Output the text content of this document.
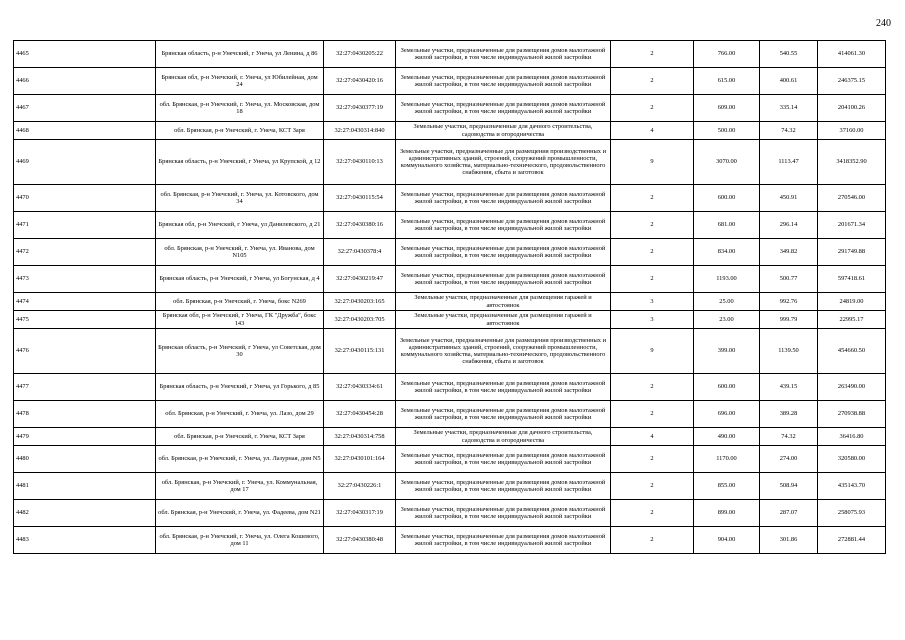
240
4465	Брянская область, р-н Унечский, г Унеча, ул Ленина, д 86	32:27:0430205:22	Земельные участки, предназначенные для размещения домов малоэтажной жилой застройки, в том числе индивидуальной жилой застройки	2	766.00	540.55	414061.30
4466	Брянская обл, р-н Унечский, г. Унеча, ул Юбилейная, дом 24	32:27:0430420:16	Земельные участки, предназначенные для размещения домов малоэтажной жилой застройки, в том числе индивидуальной жилой застройки	2	615.00	400.61	246375.15
4467	обл. Брянская, р-н Унечский, г. Унеча, ул. Московская, дом 18	32:27:0430377:19	Земельные участки, предназначенные для размещения домов малоэтажной жилой застройки, в том числе индивидуальной жилой застройки	2	609.00	335.14	204100.26
4468	обл. Брянская, р-н Унечский, г. Унеча, КСТ Заря	32:27:0430314:840	Земельные участки, предназначенные для дачного строительства, садоводства и огородничества	4	500.00	74.32	37160.00
4469	Брянская область, р-н Унечский, г Унеча, ул Крупской, д 12	32:27:0430110:13	Земельные участки, предназначенные для размещения производственных и административных зданий, строений, сооружений промышленности, коммунального хозяйства, материально-технического, продовольственного снабжения, сбыта и заготовок	9	3070.00	1113.47	3418352.90
4470	обл. Брянская, р-н Унечский, г. Унеча, ул. Котовского, дом 34	32:27:0430115:54	Земельные участки, предназначенные для размещения домов малоэтажной жилой застройки, в том числе индивидуальной жилой застройки	2	600.00	450.91	270546.00
4471	Брянская обл, р-н Унечский, г Унеча, ул Данилевского, д 21	32:27:0430380:16	Земельные участки, предназначенные для размещения домов малоэтажной жилой застройки, в том числе индивидуальной жилой застройки	2	681.00	296.14	201671.34
4472	обл. Брянская, р-н Унечский, г. Унеча, ул. Иванова, дом N105	32:27:0430378:4	Земельные участки, предназначенные для размещения домов малоэтажной жилой застройки, в том числе индивидуальной жилой застройки	2	834.00	349.82	291749.88
4473	Брянская область, р-н Унечский, г Унеча, ул Богунская, д 4	32:27:0430219:47	Земельные участки, предназначенные для размещения домов малоэтажной жилой застройки, в том числе индивидуальной жилой застройки	2	1193.00	500.77	597418.61
4474	обл. Брянская, р-н Унечский, г. Унеча, бокс N269	32:27:0430203:165	Земельные участки, предназначенные для размещения гаражей и автостоянок	3	25.00	992.76	24819.00
4475	Брянская обл, р-н Унечский, г Унеча, ГК "Дружба", бокс 143	32:27:0430203:705	Земельные участки, предназначенные для размещения гаражей и автостоянок	3	23.00	999.79	22995.17
4476	Брянская область, р-н Унечский, г Унеча, ул Советская, дом 30	32:27:0430115:131	Земельные участки, предназначенные для размещения производственных и административных зданий, строений, сооружений промышленности, коммунального хозяйства, материально-технического, продовольственного снабжения, сбыта и заготовок	9	399.00	1139.50	454660.50
4477	Брянская область, р-н Унечский, г Унеча, ул Горького, д 85	32:27:0430334:61	Земельные участки, предназначенные для размещения домов малоэтажной жилой застройки, в том числе индивидуальной жилой застройки	2	600.00	439.15	263490.00
4478	обл. Брянская, р-н Унечский, г. Унеча, ул. Лазо, дом 29	32:27:0430454:28	Земельные участки, предназначенные для размещения домов малоэтажной жилой застройки, в том числе индивидуальной жилой застройки	2	696.00	389.28	270938.88
4479	обл. Брянская, р-н Унечский, г. Унеча, КСТ Заря	32:27:0430314:758	Земельные участки, предназначенные для дачного строительства, садоводства и огородничества	4	490.00	74.32	36416.80
4480	обл. Брянская, р-н Унечский, г. Унеча, ул. Лазурная, дом N5	32:27:0430101:164	Земельные участки, предназначенные для размещения домов малоэтажной жилой застройки, в том числе индивидуальной жилой застройки	2	1170.00	274.00	320580.00
4481	обл. Брянская, р-н Унечский, г. Унеча, ул. Коммунальная, дом 17	32:27:0430226:1	Земельные участки, предназначенные для размещения домов малоэтажной жилой застройки, в том числе индивидуальной жилой застройки	2	855.00	508.94	435143.70
4482	обл. Брянская, р-н Унечский, г. Унеча, ул. Фадеева, дом N21	32:27:0430317:19	Земельные участки, предназначенные для размещения домов малоэтажной жилой застройки, в том числе индивидуальной жилой застройки	2	899.00	287.07	258075.93
4483	обл. Брянская, р-н Унечский, г. Унеча, ул. Олега Кошевого, дом 11	32:27:0430380:48	Земельные участки, предназначенные для размещения домов малоэтажной жилой застройки, в том числе индивидуальной жилой застройки	2	904.00	301.86	272881.44
